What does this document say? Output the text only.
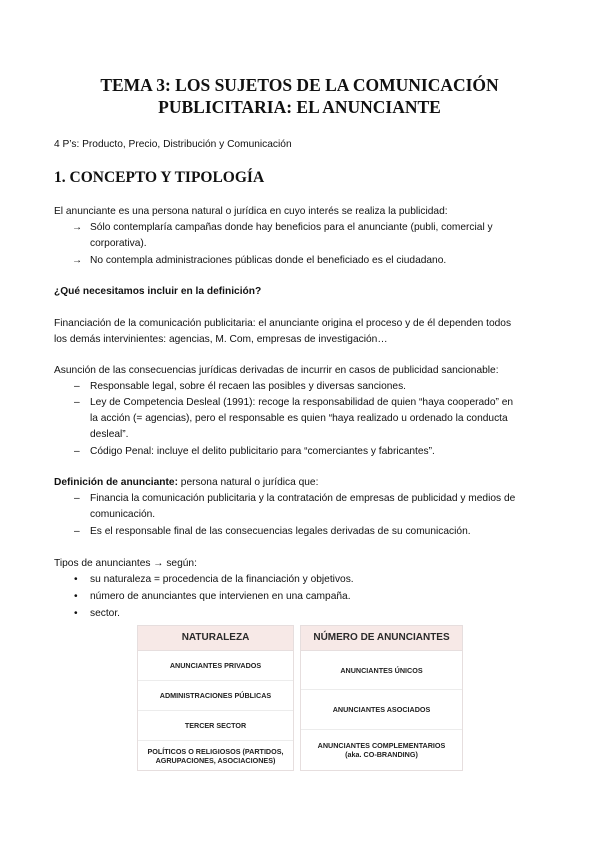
TEMA 3: LOS SUJETOS DE LA COMUNICACIÓN
PUBLICITARIA: EL ANUNCIANTE
4 P’s: Producto, Precio, Distribución y Comunicación
1. CONCEPTO Y TIPOLOGÍA
El anunciante es una persona natural o jurídica en cuyo interés se realiza la publicidad:
→ Sólo contemplaría campañas donde hay beneficios para el anunciante (publi, comercial y
corporativa).
→ No contempla administraciones públicas donde el beneficiado es el ciudadano.
¿Qué necesitamos incluir en la definición?
Financiación de la comunicación publicitaria: el anunciante origina el proceso y de él dependen todos
los demás intervinientes: agencias, M. Com, empresas de investigación…
Asunción de las consecuencias jurídicas derivadas de incurrir en casos de publicidad sancionable:
– Responsable legal, sobre él recaen las posibles y diversas sanciones.
– Ley de Competencia Desleal (1991): recoge la responsabilidad de quien “haya cooperado” en
la acción (= agencias), pero el responsable es quien “haya realizado u ordenado la conducta
desleal”.
– Código Penal: incluye el delito publicitario para “comerciantes y fabricantes”.
Definición de anunciante: persona natural o jurídica que:
– Financia la comunicación publicitaria y la contratación de empresas de publicidad y medios de
comunicación.
– Es el responsable final de las consecuencias legales derivadas de su comunicación.
Tipos de anunciantes → según:
• su naturaleza = procedencia de la financiación y objetivos.
• número de anunciantes que intervienen en una campaña.
• sector.
NATURALEZA
ANUNCIANTES PRIVADOS
ADMINISTRACIONES PÚBLICAS
TERCER SECTOR
POLÍTICOS O RELIGIOSOS (PARTIDOS,
AGRUPACIONES, ASOCIACIONES)
NÚMERO DE ANUNCIANTES
ANUNCIANTES ÚNICOS
ANUNCIANTES ASOCIADOS
ANUNCIANTES COMPLEMENTARIOS
(aka. CO-BRANDING)
